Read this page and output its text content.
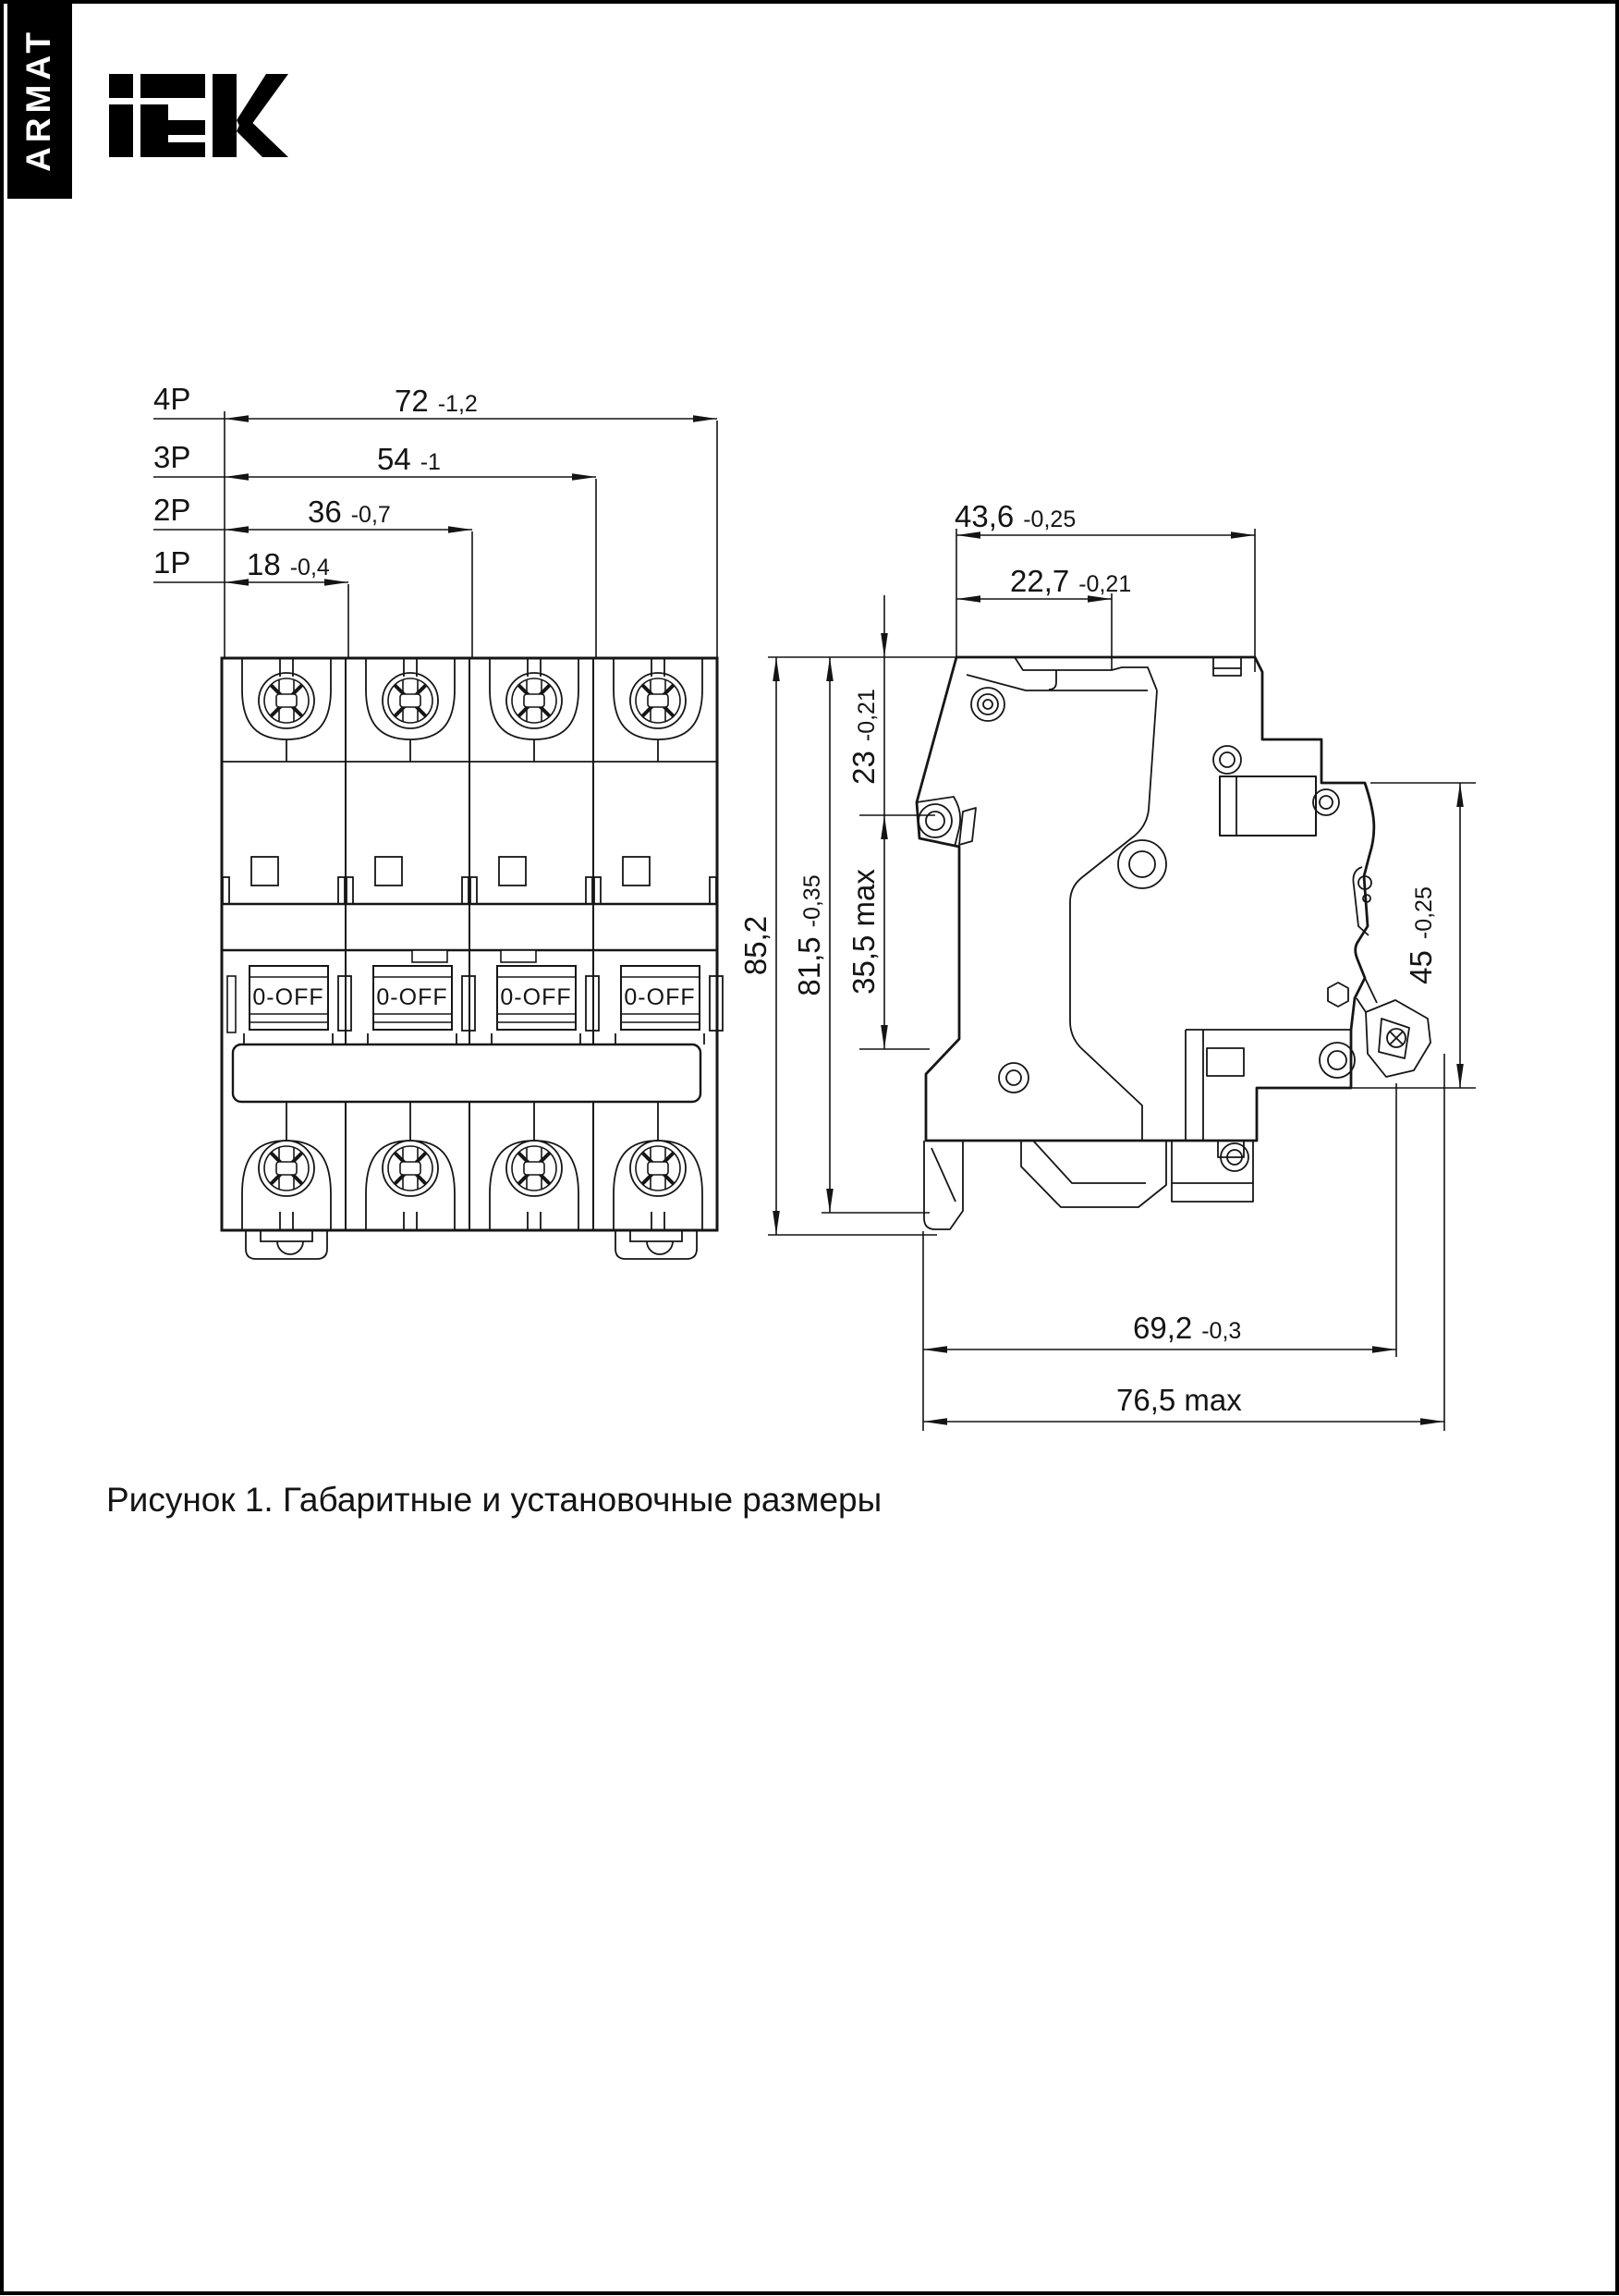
ARMAT
0-OFF 0-OFF 0-OFF 0-OFF
4P
3P
2P
1P
72 -1,2
54 -1
36 -0,7
18 -0,4
43,6 -0,25
22,7 -0,21
85,2 81,5-0,35 35,5 max
23-0,21
45-0,25
69,2 -0,3
76,5 max
Рисунок 1. Габаритные и установочные размеры
